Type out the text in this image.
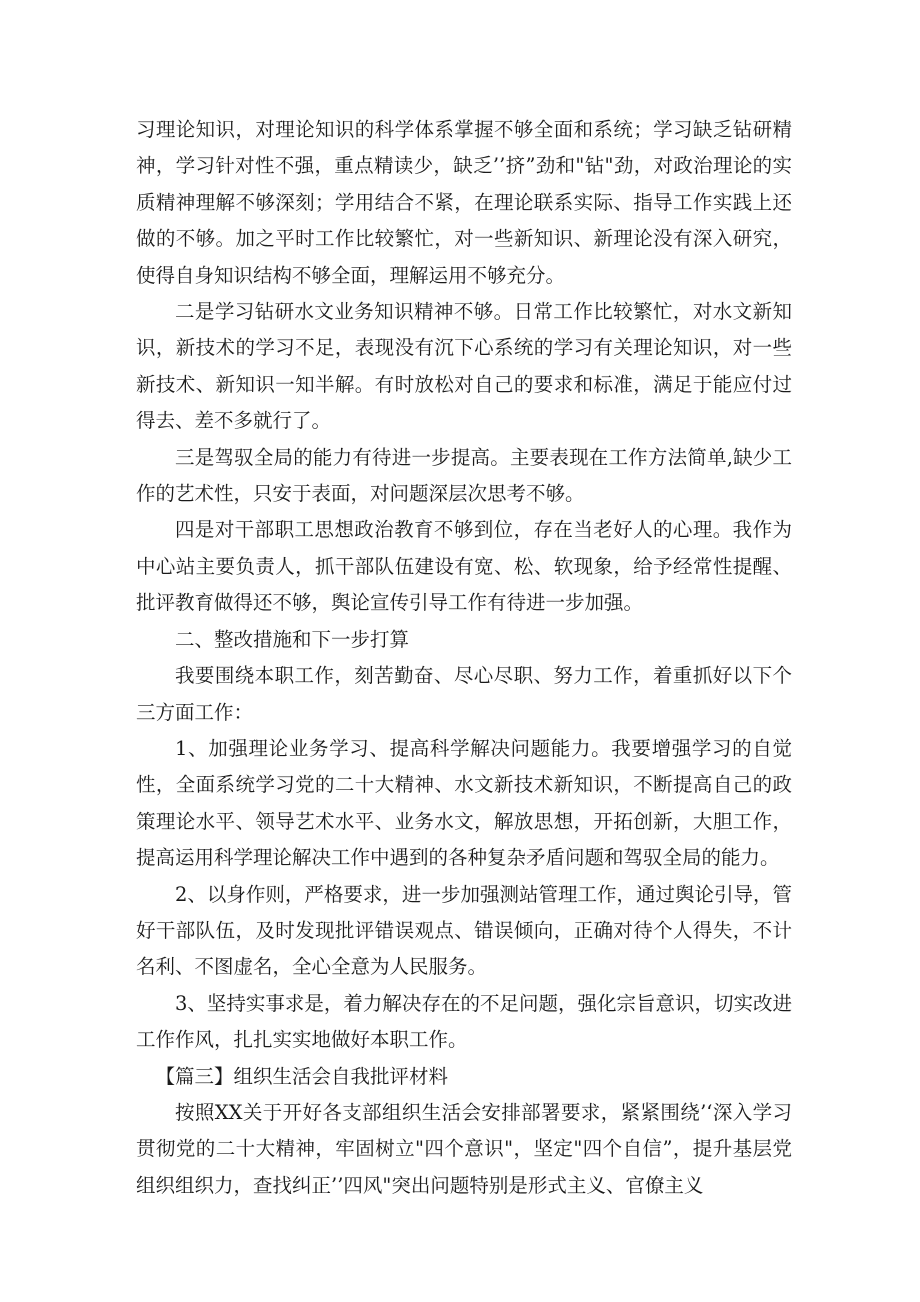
习理论知识，对理论知识的科学体系掌握不够全面和系统；学习缺乏钻研精神，学习针对性不强，重点精读少，缺乏’’挤”劲和"钻"劲，对政治理论的实质精神理解不够深刻；学用结合不紧，在理论联系实际、指导工作实践上还做的不够。加之平时工作比较繁忙，对一些新知识、新理论没有深入研究，使得自身知识结构不够全面，理解运用不够充分。

二是学习钻研水文业务知识精神不够。日常工作比较繁忙，对水文新知识，新技术的学习不足，表现没有沉下心系统的学习有关理论知识，对一些新技术、新知识一知半解。有时放松对自己的要求和标准，满足于能应付过得去、差不多就行了。

三是驾驭全局的能力有待进一步提高。主要表现在工作方法简单,缺少工作的艺术性，只安于表面，对问题深层次思考不够。

四是对干部职工思想政治教育不够到位，存在当老好人的心理。我作为中心站主要负责人，抓干部队伍建设有宽、松、软现象，给予经常性提醒、批评教育做得还不够，舆论宣传引导工作有待进一步加强。

二、整改措施和下一步打算

我要围绕本职工作，刻苦勤奋、尽心尽职、努力工作，着重抓好以下个三方面工作：

1、加强理论业务学习、提高科学解决问题能力。我要增强学习的自觉性，全面系统学习党的二十大精神、水文新技术新知识，不断提高自己的政策理论水平、领导艺术水平、业务水文，解放思想，开拓创新，大胆工作，提高运用科学理论解决工作中遇到的各种复杂矛盾问题和驾驭全局的能力。

2、以身作则，严格要求，进一步加强测站管理工作，通过舆论引导，管好干部队伍，及时发现批评错误观点、错误倾向，正确对待个人得失，不计名利、不图虚名，全心全意为人民服务。

3、坚持实事求是，着力解决存在的不足问题，强化宗旨意识，切实改进工作作风，扎扎实实地做好本职工作。

【篇三】组织生活会自我批评材料

按照XX关于开好各支部组织生活会安排部署要求，紧紧围绕’‘深入学习贯彻党的二十大精神，牢固树立"四个意识"，坚定"四个自信”，提升基层党组织组织力，查找纠正’’四风"突出问题特别是形式主义、官僚主义
